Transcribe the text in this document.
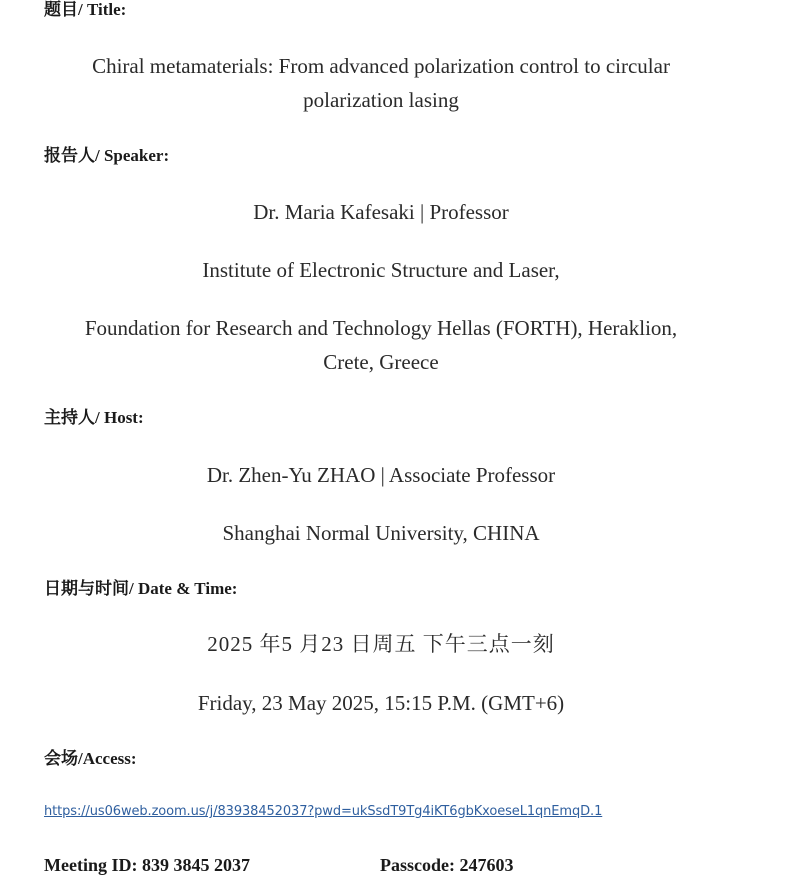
题目/ Title:
Chiral metamaterials: From advanced polarization control to circular
polarization lasing
报告人/ Speaker:
Dr. Maria Kafesaki | Professor
Institute of Electronic Structure and Laser,
Foundation for Research and Technology Hellas (FORTH), Heraklion,
Crete, Greece
主持人/ Host:
Dr. Zhen-Yu ZHAO | Associate Professor
Shanghai Normal University, CHINA
日期与时间/ Date & Time:
2025 年5 月23 日周五 下午三点一刻
Friday, 23 May 2025, 15:15 P.M. (GMT+6)
会场/Access:
https://us06web.zoom.us/j/83938452037?pwd=ukSsdT9Tg4iKT6gbKxoeseL1qnEmqD.1
Meeting ID: 839 3845 2037	Passcode: 247603
